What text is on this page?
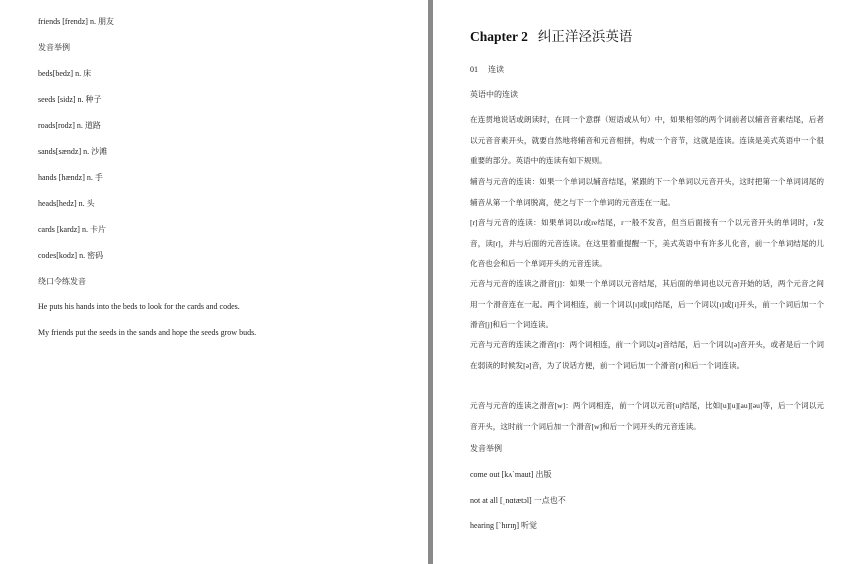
friends [frendz] n. 朋友
发音举例
beds[bedz] n. 床
seeds [sidz] n. 种子
roads[rodz] n. 道路
sands[sændz] n. 沙滩
hands [hændz] n. 手
heads[hedz] n. 头
cards [kardz] n. 卡片
codes[kodz] n. 密码
绕口令练发音
He puts his hands into the beds to look for the cards and codes.
My friends put the seeds in the sands and hope the seeds grow buds.
Chapter 2 纠正洋泾浜英语
01　 连读
英语中的连读
在连贯地说话或朗读时，在同一个意群（短语或从句）中，如果相邻的两个词前者以辅音音素结尾，后者以元音音素开头，就要自然地将辅音和元音相拼，构成一个音节，这就是连读。连读是美式英语中一个很重要的部分。英语中的连读有如下规则。
辅音与元音的连读：如果一个单词以辅音结尾，紧跟的下一个单词以元音开头，这时把第一个单词词尾的辅音从第一个单词脱离，使之与下一个单词的元音连在一起。
[r]音与元音的连读：如果单词以r或re结尾，r一般不发音，但当后面接有一个以元音开头的单词时，r发音，读[r]，并与后面的元音连读。在这里着重提醒一下，美式英语中有许多儿化音，前一个单词结尾的儿化音也会和后一个单词开头的元音连读。
元音与元音的连读之滑音[j]：如果一个单词以元音结尾，其后面的单词也以元音开始的话，两个元音之间用一个滑音连在一起。两个词相连，前一个词以[ɪ]或[i]结尾，后一个词以[ɪ]或[i]开头，前一个词后加一个滑音[j]和后一个词连读。
元音与元音的连读之滑音[r]：两个词相连，前一个词以[ə]音结尾，后一个词以[ə]音开头，或者是后一个词在弱读的时候发[ə]音，为了说话方便，前一个词后加一个滑音[r]和后一个词连读。
元音与元音的连读之滑音[w]：两个词相连，前一个词以元音[u]结尾，比如[u][u][au][əu]等，后一个词以元音开头，这时前一个词后加一个滑音[w]和后一个词开头的元音连读。
发音举例
come out [kʌˋmaut] 出版
not at all [ˌnɑtætɔl] 一点也不
hearing [ˋhɪrɪŋ] 听觉
